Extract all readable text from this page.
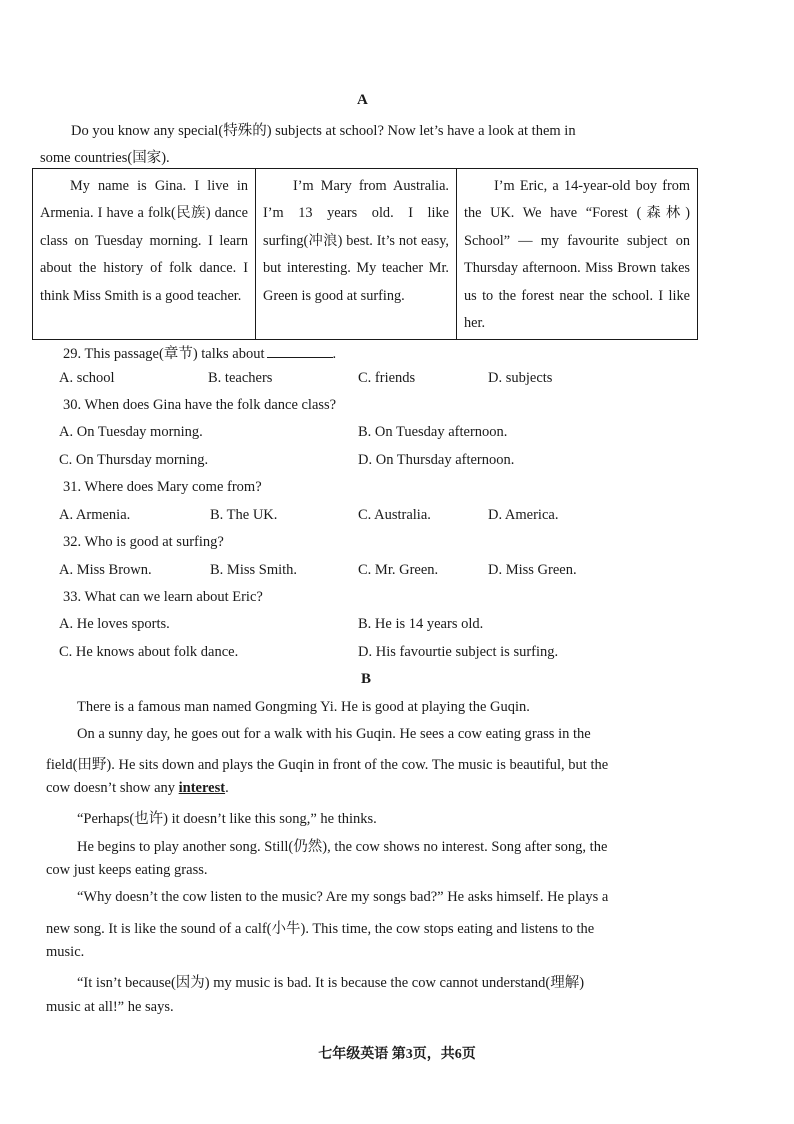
A
Do you know any special(特殊的) subjects at school? Now let’s have a look at them in
some countries(国家).
My name is Gina. I live in Armenia. I have a folk(民族) dance class on Tuesday morning. I learn about the history of folk dance. I think Miss Smith is a good teacher.	I’m Mary from Australia. I’m 13 years old. I like surfing(冲浪) best. It’s not easy, but interesting. My teacher Mr. Green is good at surfing.	I’m Eric, a 14-year-old boy from the UK. We have “Forest (森林) School” — my favourite subject on Thursday afternoon. Miss Brown takes us to the forest near the school. I like her.
29. This passage(章节) talks about	.
A. school	B. teachers	C. friends	D. subjects
30. When does Gina have the folk dance class?
A. On Tuesday morning.	B. On Tuesday afternoon.
C. On Thursday morning.	D. On Thursday afternoon.
31. Where does Mary come from?
A. Armenia.	B. The UK.	C. Australia.	D. America.
32. Who is good at surfing?
A. Miss Brown.	B. Miss Smith.	C. Mr. Green.	D. Miss Green.
33. What can we learn about Eric?
A. He loves sports.	B. He is 14 years old.
C. He knows about folk dance.	D. His favourtie subject is surfing.
B
There is a famous man named Gongming Yi. He is good at playing the Guqin.
On a sunny day, he goes out for a walk with his Guqin. He sees a cow eating grass in the
field(田野). He sits down and plays the Guqin in front of the cow. The music is beautiful, but the
cow doesn’t show any interest.
“Perhaps(也许) it doesn’t like this song,” he thinks.
He begins to play another song. Still(仍然), the cow shows no interest. Song after song, the
cow just keeps eating grass.
“Why doesn’t the cow listen to the music? Are my songs bad?” He asks himself. He plays a
new song. It is like the sound of a calf(小牛). This time, the cow stops eating and listens to the
music.
“It isn’t because(因为) my music is bad. It is because the cow cannot understand(理解)
music at all!” he says.
七年级英语 第3页，共6页
